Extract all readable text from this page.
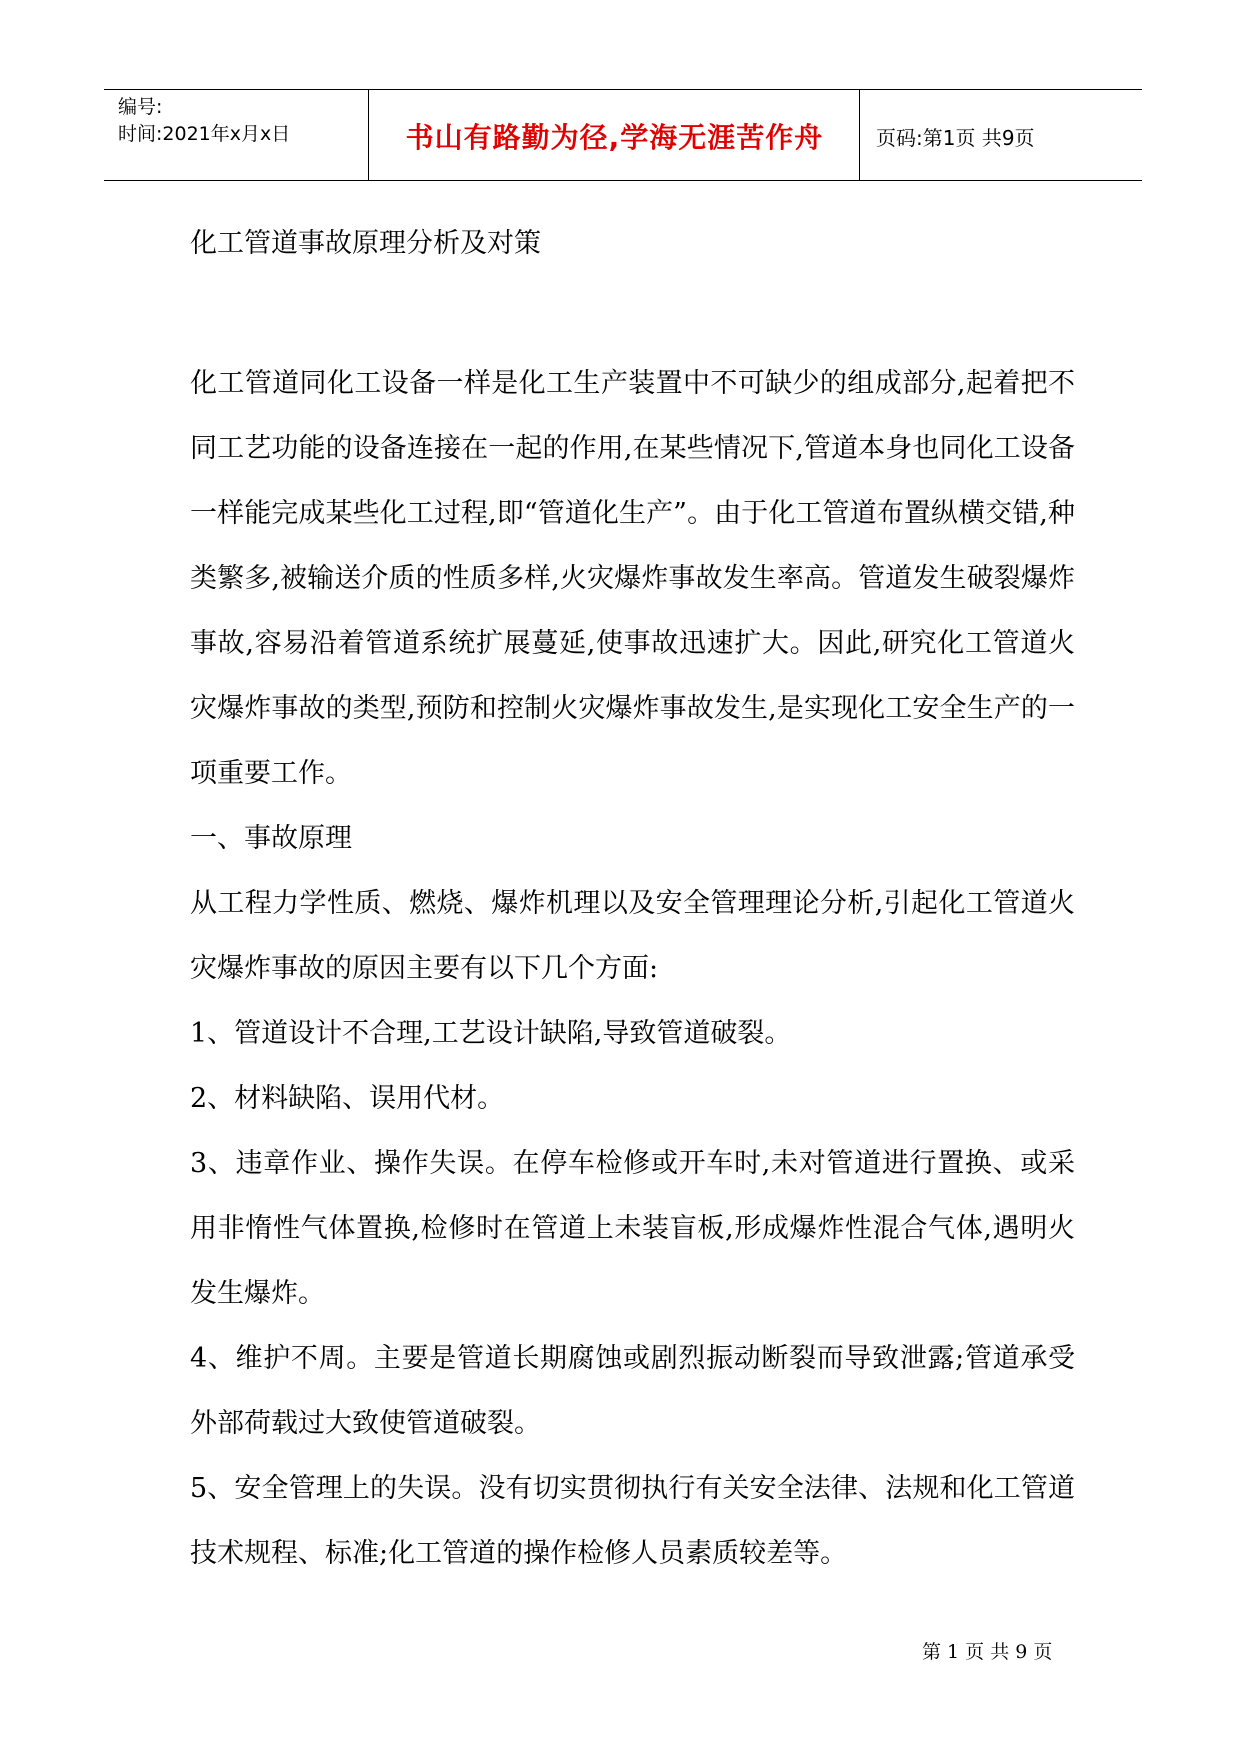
编号:
时间:2021年x月x日	书山有路勤为径,学海无涯苦作舟	页码:第1页 共9页
化工管道事故原理分析及对策

化工管道同化工设备一样是化工生产装置中不可缺少的组成部分,起着把不同工艺功能的设备连接在一起的作用,在某些情况下,管道本身也同化工设备一样能完成某些化工过程,即“管道化生产”。由于化工管道布置纵横交错,种类繁多,被输送介质的性质多样,火灾爆炸事故发生率高。管道发生破裂爆炸事故,容易沿着管道系统扩展蔓延,使事故迅速扩大。因此,研究化工管道火灾爆炸事故的类型,预防和控制火灾爆炸事故发生,是实现化工安全生产的一项重要工作。

一、事故原理

从工程力学性质、燃烧、爆炸机理以及安全管理理论分析,引起化工管道火灾爆炸事故的原因主要有以下几个方面:

1、管道设计不合理,工艺设计缺陷,导致管道破裂。

2、材料缺陷、误用代材。

3、违章作业、操作失误。在停车检修或开车时,未对管道进行置换、或采用非惰性气体置换,检修时在管道上未装盲板,形成爆炸性混合气体,遇明火发生爆炸。

4、维护不周。主要是管道长期腐蚀或剧烈振动断裂而导致泄露;管道承受外部荷载过大致使管道破裂。

5、安全管理上的失误。没有切实贯彻执行有关安全法律、法规和化工管道技术规程、标准;化工管道的操作检修人员素质较差等。

第 1 页 共 9 页
